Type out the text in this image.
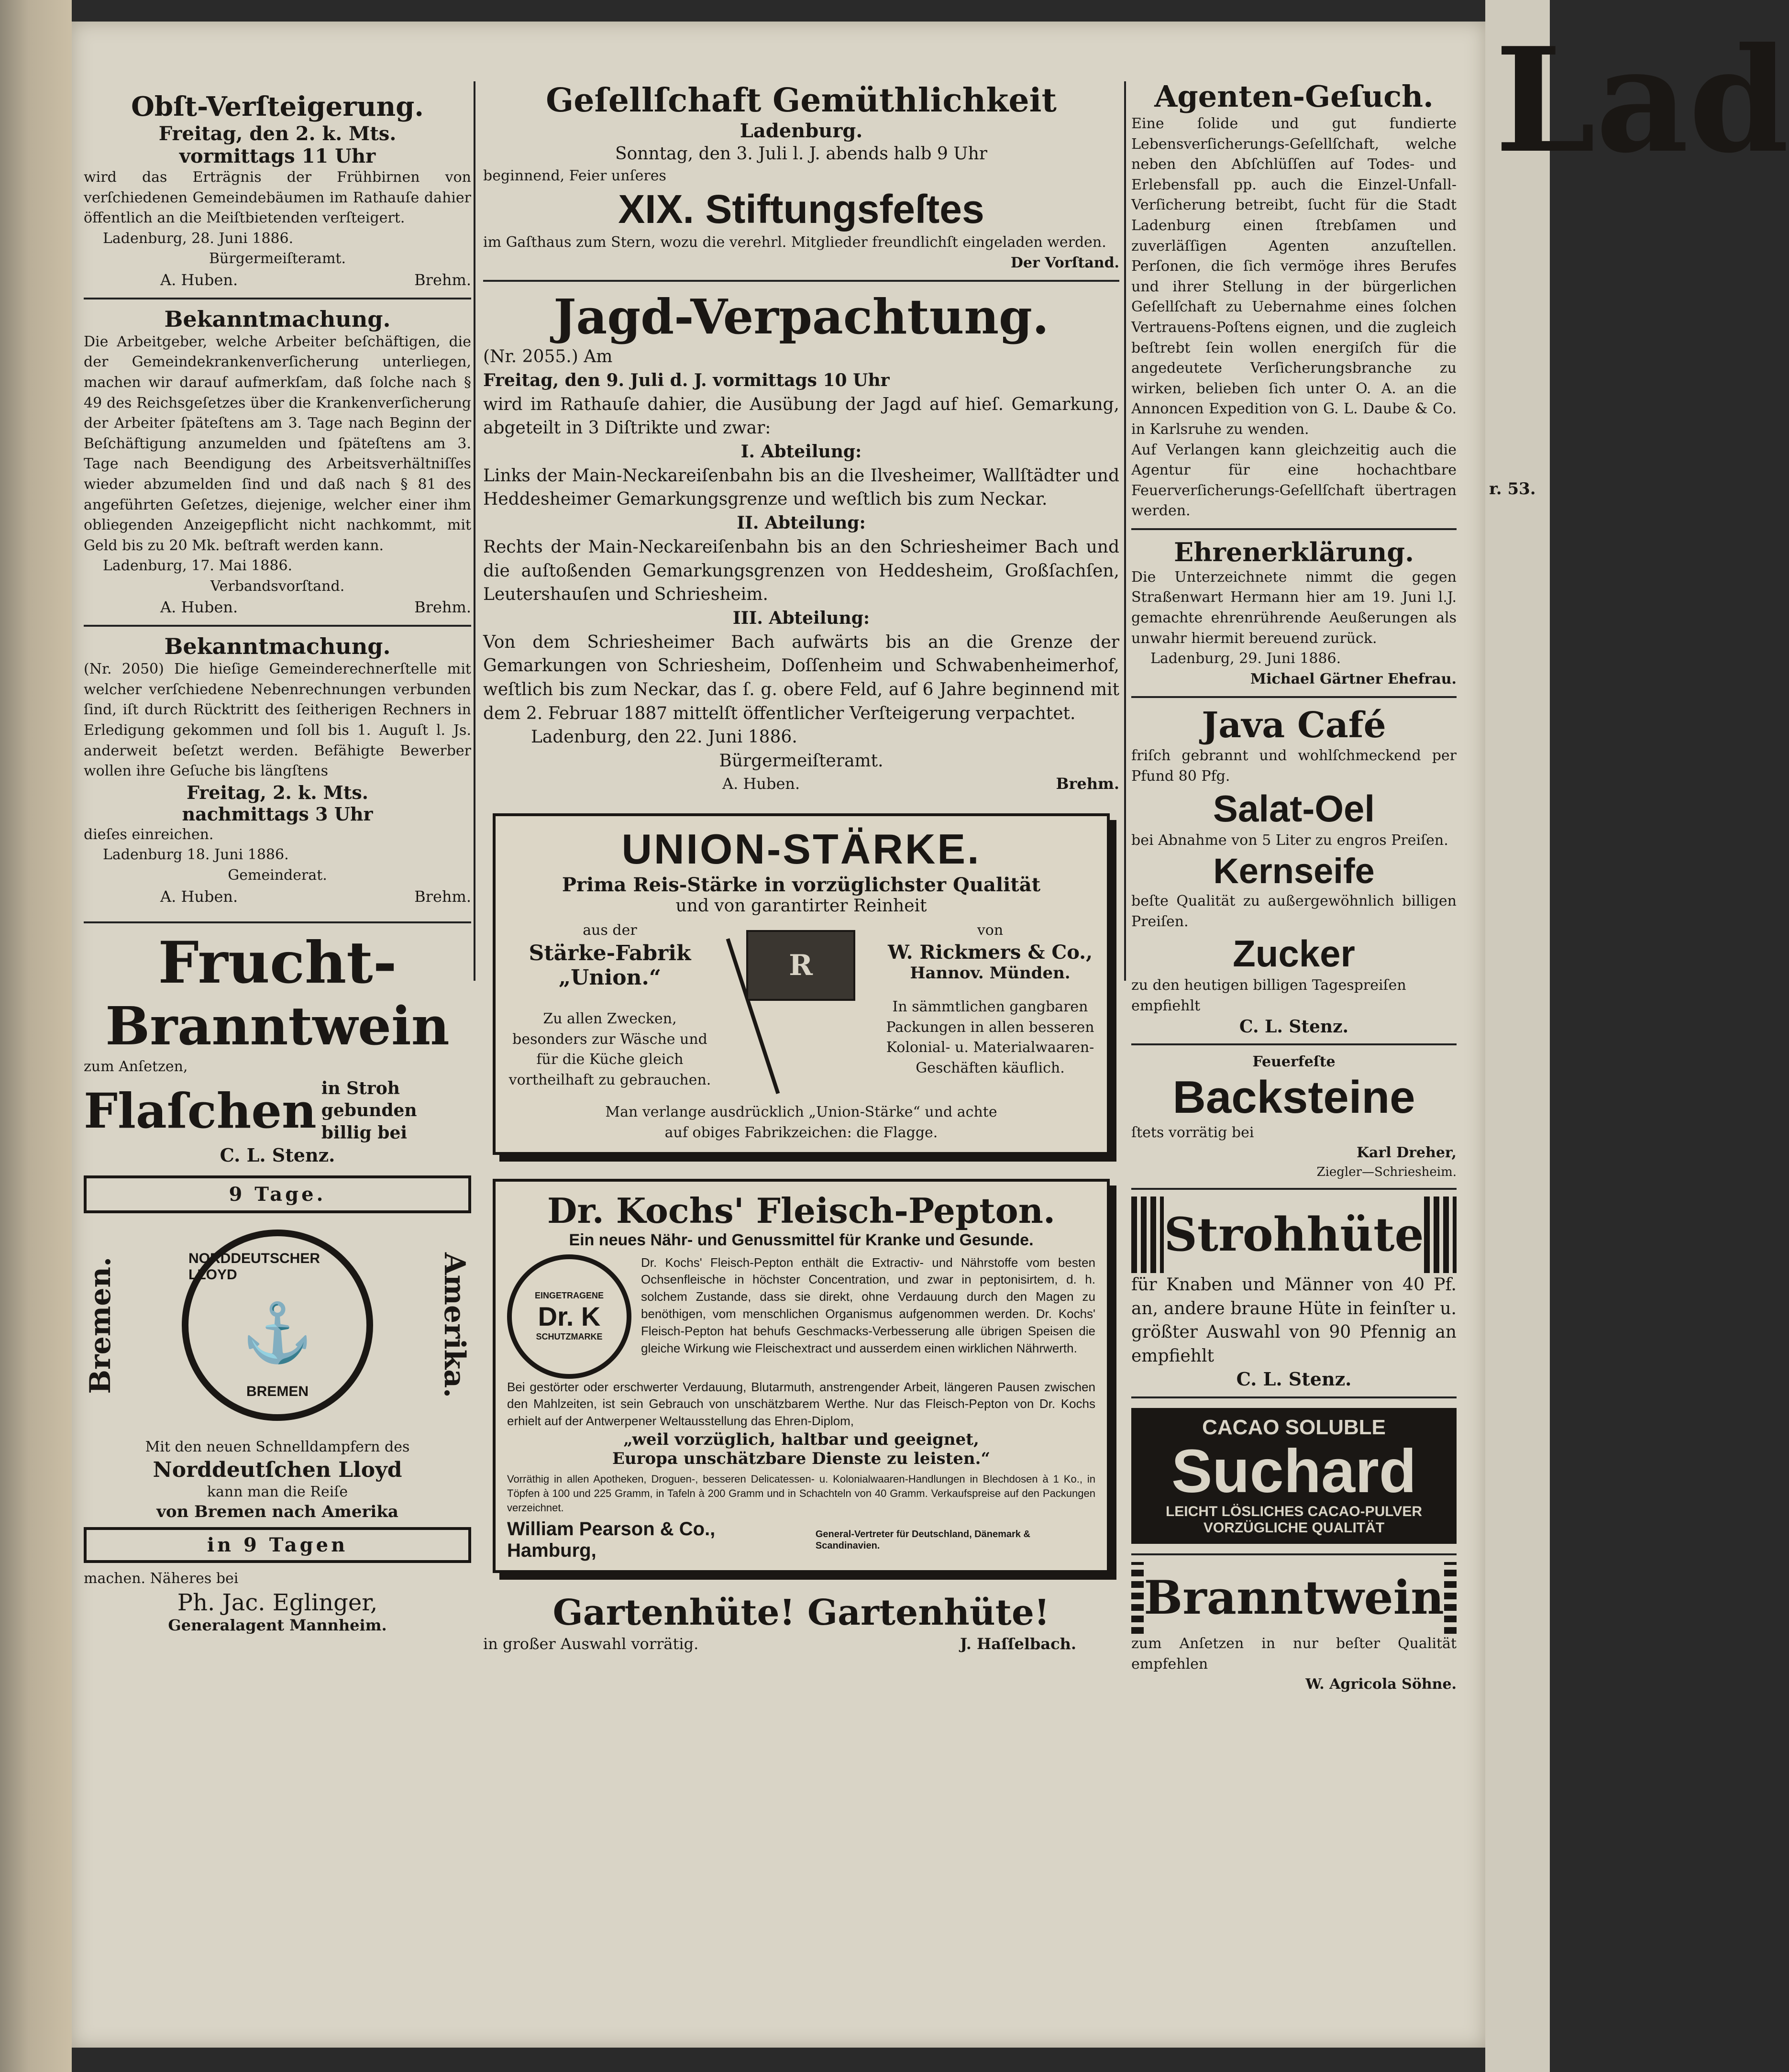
Lad
r. 53.
Obſt-Verſteigerung.
Freitag, den 2. k. Mts.
vormittags 11 Uhr
wird das Erträgnis der Frühbirnen von verſchiedenen Gemeindebäumen im Rathauſe dahier öffentlich an die Meiſtbietenden verſteigert.
Ladenburg, 28. Juni 1886.
Bürgermeiſteramt.
A. Huben.	Brehm.
Bekanntmachung.
Die Arbeitgeber, welche Arbeiter beſchäftigen, die der Gemeindekrankenverſicherung unterliegen, machen wir darauf aufmerkſam, daß ſolche nach § 49 des Reichsgeſetzes über die Krankenverſicherung der Arbeiter ſpäteſtens am 3. Tage nach Beginn der Beſchäftigung anzumelden und ſpäteſtens am 3. Tage nach Beendigung des Arbeitsverhältniſſes wieder abzumelden ſind und daß nach § 81 des angeführten Geſetzes, diejenige, welcher einer ihm obliegenden Anzeigepflicht nicht nachkommt, mit Geld bis zu 20 Mk. beſtraft werden kann.
Ladenburg, 17. Mai 1886.
Verbandsvorſtand.
A. Huben.	Brehm.
Bekanntmachung.
(Nr. 2050) Die hieſige Gemeinderechnerſtelle mit welcher verſchiedene Nebenrechnungen verbunden ſind, iſt durch Rücktritt des ſeitherigen Rechners in Erledigung gekommen und ſoll bis 1. Auguſt l. Js. anderweit beſetzt werden. Befähigte Bewerber wollen ihre Geſuche bis längſtens
Freitag, 2. k. Mts.
nachmittags 3 Uhr
dieſes einreichen.
Ladenburg 18. Juni 1886.
Gemeinderat.
A. Huben.	Brehm.
Frucht-
Branntwein
zum Anſetzen,
Flaſchen in Stroh gebunden billig bei
C. L. Stenz.
9 Tage.
Bremen.	NORDDEUTSCHER LLOYD
⚓
BREMEN	Amerika.
Mit den neuen Schnelldampfern des
Norddeutſchen Lloyd
kann man die Reiſe
von Bremen nach Amerika
in 9 Tagen
machen. Näheres bei
Ph. Jac. Eglinger,
Generalagent Mannheim.
Geſellſchaft Gemüthlichkeit
Ladenburg.
Sonntag, den 3. Juli l. J. abends halb 9 Uhr
beginnend, Feier unſeres
XIX. Stiftungsfeſtes
im Gaſthaus zum Stern, wozu die verehrl. Mitglieder freundlichſt eingeladen werden.
Der Vorſtand.
Jagd-Verpachtung.
(Nr. 2055.) Am
Freitag, den 9. Juli d. J. vormittags 10 Uhr
wird im Rathauſe dahier, die Ausübung der Jagd auf hieſ. Gemarkung, abgeteilt in 3 Diſtrikte und zwar:
I. Abteilung:
Links der Main-Neckareiſenbahn bis an die Ilvesheimer, Wallſtädter und Heddesheimer Gemarkungsgrenze und weſtlich bis zum Neckar.
II. Abteilung:
Rechts der Main-Neckareiſenbahn bis an den Schriesheimer Bach und die auſtoßenden Gemarkungsgrenzen von Heddesheim, Großſachſen, Leutershauſen und Schriesheim.
III. Abteilung:
Von dem Schriesheimer Bach aufwärts bis an die Grenze der Gemarkungen von Schriesheim, Doſſenheim und Schwabenheimerhof, weſtlich bis zum Neckar, das ſ. g. obere Feld, auf 6 Jahre beginnend mit dem 2. Februar 1887 mittelſt öffentlicher Verſteigerung verpachtet.
Ladenburg, den 22. Juni 1886.
Bürgermeiſteramt.
A. Huben.	Brehm.
UNION-STÄRKE.
Prima Reis-Stärke in vorzüglichster Qualität
und von garantirter Reinheit
aus der
Stärke-Fabrik
„Union.“
Zu allen Zwecken, besonders zur Wäsche und für die Küche gleich vortheilhaft zu gebrauchen.
R
von
W. Rickmers & Co.,
Hannov. Münden.
In sämmtlichen gangbaren Packungen in allen besseren Kolonial- u. Materialwaaren-Geschäften käuflich.
Man verlange ausdrücklich „Union-Stärke“ und achte
auf obiges Fabrikzeichen: die Flagge.
Dr. Kochs' Fleisch-Pepton.
Ein neues Nähr- und Genussmittel für Kranke und Gesunde.
EINGETRAGENE
Dr. K
SCHUTZMARKE
Dr. Kochs' Fleisch-Pepton enthält die Extractiv- und Nährstoffe vom besten Ochsenfleische in höchster Concentration, und zwar in peptonisirtem, d. h. solchem Zustande, dass sie direkt, ohne Verdauung durch den Magen zu benöthigen, vom menschlichen Organismus aufgenommen werden. Dr. Kochs' Fleisch-Pepton hat behufs Geschmacks-Verbesserung alle übrigen Speisen die gleiche Wirkung wie Fleischextract und ausserdem einen wirklichen Nährwerth.
Bei gestörter oder erschwerter Verdauung, Blutarmuth, anstrengender Arbeit, längeren Pausen zwischen den Mahlzeiten, ist sein Gebrauch von unschätzbarem Werthe. Nur das Fleisch-Pepton von Dr. Kochs erhielt auf der Antwerpener Weltausstellung das Ehren-Diplom,
„weil vorzüglich, haltbar und geeignet,
Europa unschätzbare Dienste zu leisten.“
Vorräthig in allen Apotheken, Droguen-, besseren Delicatessen- u. Kolonialwaaren-Handlungen in Blechdosen à 1 Ko., in Töpfen à 100 und 225 Gramm, in Tafeln à 200 Gramm und in Schachteln von 40 Gramm. Verkaufspreise auf den Packungen verzeichnet.
William Pearson & Co., Hamburg,
General-Vertreter für Deutschland, Dänemark & Scandinavien.
Gartenhüte! Gartenhüte!
in großer Auswahl vorrätig.	J. Haſſelbach.
Agenten-Geſuch.
Eine ſolide und gut fundierte Lebensverſicherungs-Geſellſchaft, welche neben den Abſchlüſſen auf Todes- und Erlebensfall pp. auch die Einzel-Unfall-Verſicherung betreibt, ſucht für die Stadt Ladenburg einen ſtrebſamen und zuverläſſigen Agenten anzuſtellen. Perſonen, die ſich vermöge ihres Berufes und ihrer Stellung in der bürgerlichen Geſellſchaft zu Uebernahme eines ſolchen Vertrauens-Poſtens eignen, und die zugleich beſtrebt ſein wollen energiſch für die angedeutete Verſicherungsbranche zu wirken, belieben ſich unter O. A. an die Annoncen Expedition von G. L. Daube & Co. in Karlsruhe zu wenden.
Auf Verlangen kann gleichzeitig auch die Agentur für eine hochachtbare Feuerverſicherungs-Geſellſchaft übertragen werden.
Ehrenerklärung.
Die Unterzeichnete nimmt die gegen Straßenwart Hermann hier am 19. Juni l.J. gemachte ehrenrührende Aeußerungen als unwahr hiermit bereuend zurück.
Ladenburg, 29. Juni 1886.
Michael Gärtner Ehefrau.
Java Café
friſch gebrannt und wohlſchmeckend per Pfund 80 Pfg.
Salat-Oel
bei Abnahme von 5 Liter zu engros Preiſen.
Kernseife
beſte Qualität zu außergewöhnlich billigen Preiſen.
Zucker
zu den heutigen billigen Tagespreiſen empfiehlt
C. L. Stenz.
Feuerfeſte
Backsteine
ſtets vorrätig bei
Karl Dreher,
Ziegler—Schriesheim.
Strohhüte
für Knaben und Männer von 40 Pf. an, andere braune Hüte in feinſter u. größter Auswahl von 90 Pfennig an empfiehlt
C. L. Stenz.
CACAO SOLUBLE
Suchard
LEICHT LÖSLICHES CACAO-PULVER
VORZÜGLICHE QUALITÄT
Branntwein
zum Anſetzen in nur beſter Qualität empfehlen
W. Agricola Söhne.
